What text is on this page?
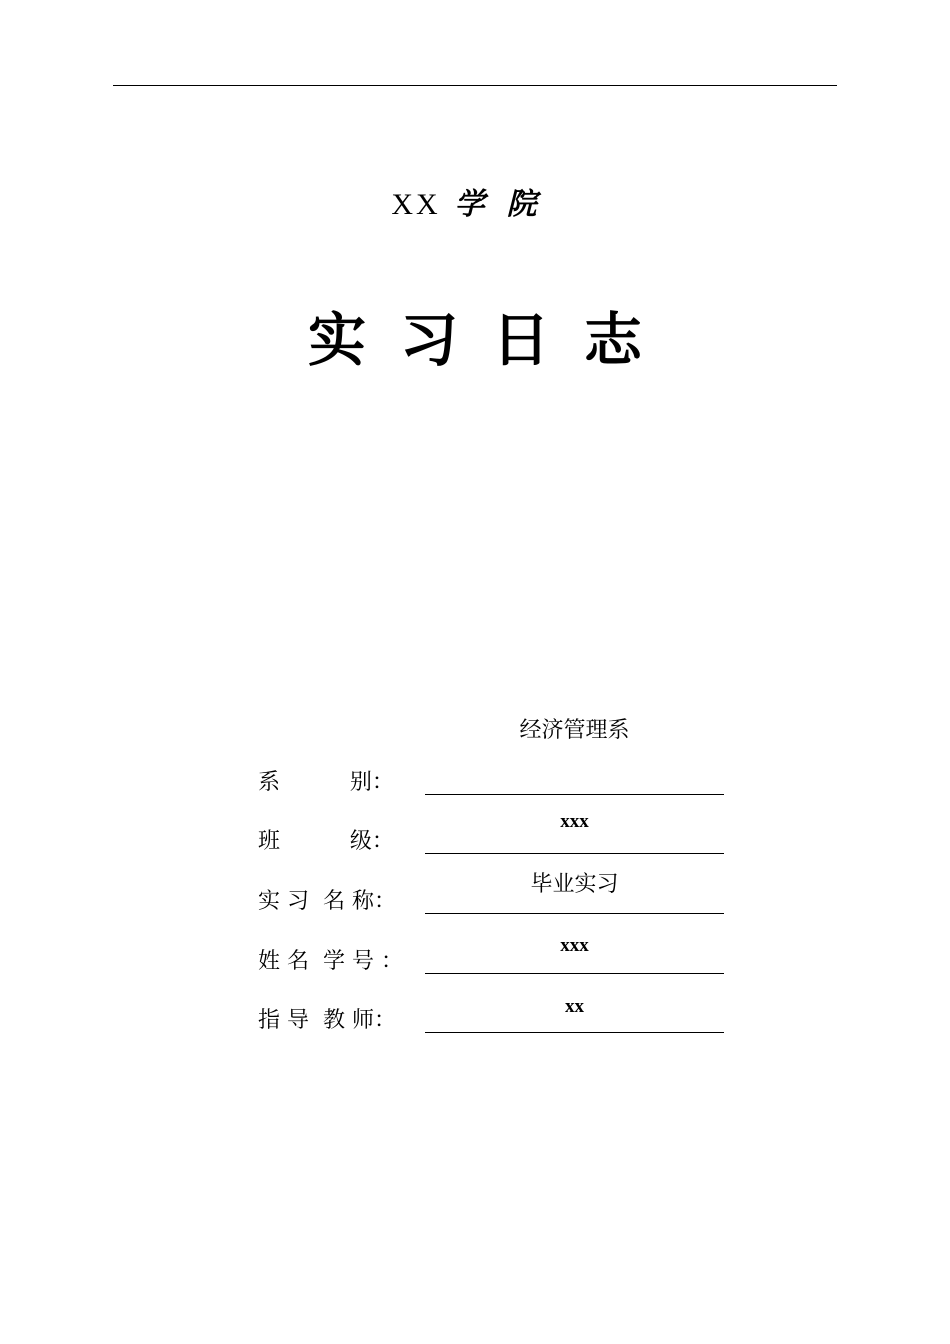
XX 学院
实习日志
经济管理系
系          别：
xxx
班          级：
毕业实习
实 习  名 称：
xxx
姓 名  学 号 ：
xx
指 导  教 师：
